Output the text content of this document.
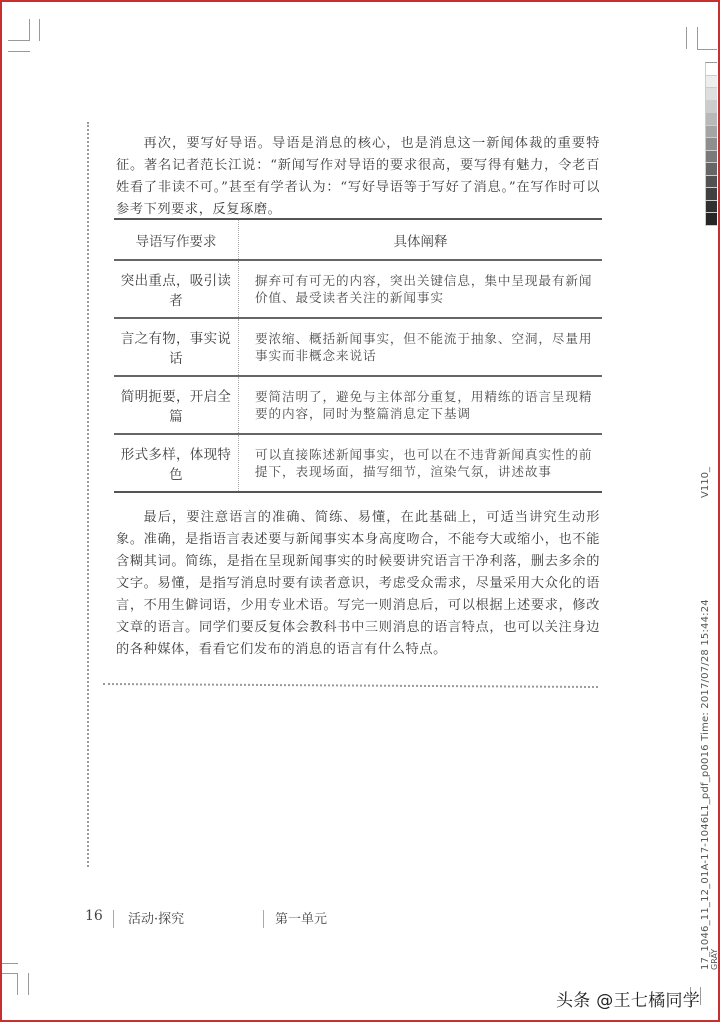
再次，要写好导语。导语是消息的核心，也是消息这一新闻体裁的重要特征。著名记者范长江说：“新闻写作对导语的要求很高，要写得有魅力，令老百姓看了非读不可。”甚至有学者认为：“写好导语等于写好了消息。”在写作时可以参考下列要求，反复琢磨。

导语写作要求	具体阐释
突出重点，吸引读者	摒弃可有可无的内容，突出关键信息，集中呈现最有新闻价值、最受读者关注的新闻事实
言之有物，事实说话	要浓缩、概括新闻事实，但不能流于抽象、空洞，尽量用事实而非概念来说话
简明扼要，开启全篇	要简洁明了，避免与主体部分重复，用精练的语言呈现精要的内容，同时为整篇消息定下基调
形式多样，体现特色	可以直接陈述新闻事实，也可以在不违背新闻真实性的前提下，表现场面，描写细节，渲染气氛，讲述故事

最后，要注意语言的准确、简练、易懂，在此基础上，可适当讲究生动形象。准确，是指语言表述要与新闻事实本身高度吻合，不能夸大或缩小，也不能含糊其词。简练，是指在呈现新闻事实的时候要讲究语言干净利落，删去多余的文字。易懂，是指写消息时要有读者意识，考虑受众需求，尽量采用大众化的语言，不用生僻词语，少用专业术语。写完一则消息后，可以根据上述要求，修改文章的语言。同学们要反复体会教科书中三则消息的语言特点，也可以关注身边的各种媒体，看看它们发布的消息的语言有什么特点。

16 活动·探究	第一单元
V110_
17_1046_11_12_01A-17-1046L1_pdf_p0016 Time: 2017/07/28 15:44:24 GRAY
头条 @王七橘同学
